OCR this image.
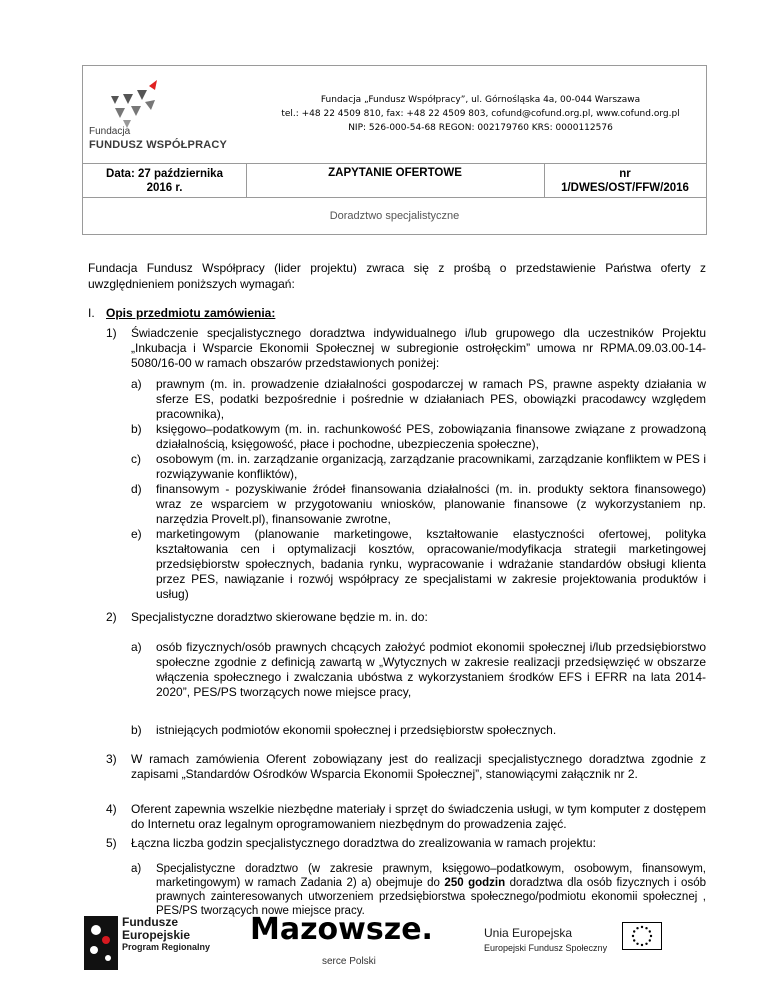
Fundacja
FUNDUSZ WSPÓŁPRACY
Fundacja „Fundusz Współpracy”, ul. Górnośląska 4a, 00-044 Warszawa
tel.: +48 22 4509 810, fax: +48 22 4509 803, cofund@cofund.org.pl, www.cofund.org.pl
NIP: 526-000-54-68 REGON: 002179760 KRS: 0000112576
Data: 27 października
2016 r.
ZAPYTANIE OFERTOWE	nr
1/DWES/OST/FFW/2016
Doradztwo specjalistyczne
Fundacja Fundusz Współpracy (lider projektu) zwraca się z prośbą o przedstawienie Państwa oferty z uwzględnieniem poniższych wymagań:
I. Opis przedmiotu zamówienia:
1) Świadczenie specjalistycznego doradztwa indywidualnego i/lub grupowego dla uczestników Projektu „Inkubacja i Wsparcie Ekonomii Społecznej w subregionie ostrołęckim” umowa nr RPMA.09.03.00-14-5080/16-00 w ramach obszarów przedstawionych poniżej:
a) prawnym (m. in. prowadzenie działalności gospodarczej w ramach PS, prawne aspekty działania w sferze ES, podatki bezpośrednie i pośrednie w działaniach PES, obowiązki pracodawcy względem pracownika),
b) księgowo–podatkowym (m. in. rachunkowość PES, zobowiązania finansowe związane z prowadzoną działalnością, księgowość, płace i pochodne, ubezpieczenia społeczne),
c) osobowym (m. in. zarządzanie organizacją, zarządzanie pracownikami, zarządzanie konfliktem w PES i rozwiązywanie konfliktów),
d) finansowym - pozyskiwanie źródeł finansowania działalności (m. in. produkty sektora finansowego) wraz ze wsparciem w przygotowaniu wniosków, planowanie finansowe (z wykorzystaniem np. narzędzia Provelt.pl), finansowanie zwrotne,
e) marketingowym (planowanie marketingowe, kształtowanie elastyczności ofertowej, polityka kształtowania cen i optymalizacji kosztów, opracowanie/modyfikacja strategii marketingowej przedsiębiorstw społecznych, badania rynku, wypracowanie i wdrażanie standardów obsługi klienta przez PES, nawiązanie i rozwój współpracy ze specjalistami w zakresie projektowania produktów i usług)
2) Specjalistyczne doradztwo skierowane będzie m. in. do:
a) osób fizycznych/osób prawnych chcących założyć podmiot ekonomii społecznej i/lub przedsiębiorstwo społeczne zgodnie z definicją zawartą w „Wytycznych w zakresie realizacji przedsięwzięć w obszarze włączenia społecznego i zwalczania ubóstwa z wykorzystaniem środków EFS i EFRR na lata 2014-2020”, PES/PS tworzących nowe miejsce pracy,
b) istniejących podmiotów ekonomii społecznej i przedsiębiorstw społecznych.
3) W ramach zamówienia Oferent zobowiązany jest do realizacji specjalistycznego doradztwa zgodnie z zapisami „Standardów Ośrodków Wsparcia Ekonomii Społecznej”, stanowiącymi załącznik nr 2.
4) Oferent zapewnia wszelkie niezbędne materiały i sprzęt do świadczenia usługi, w tym komputer z dostępem do Internetu oraz legalnym oprogramowaniem niezbędnym do prowadzenia zajęć.
5) Łączna liczba godzin specjalistycznego doradztwa do zrealizowania w ramach projektu:
a) Specjalistyczne doradztwo (w zakresie prawnym, księgowo–podatkowym, osobowym, finansowym, marketingowym) w ramach Zadania 2) a) obejmuje do 250 godzin doradztwa dla osób fizycznych i osób prawnych zainteresowanych utworzeniem przedsiębiorstwa społecznego/podmiotu ekonomii społecznej , PES/PS tworzących nowe miejsce pracy.
Fundusze
Europejskie
Program Regionalny Mazowsze.
serce Polski
Unia Europejska
Europejski Fundusz Społeczny
